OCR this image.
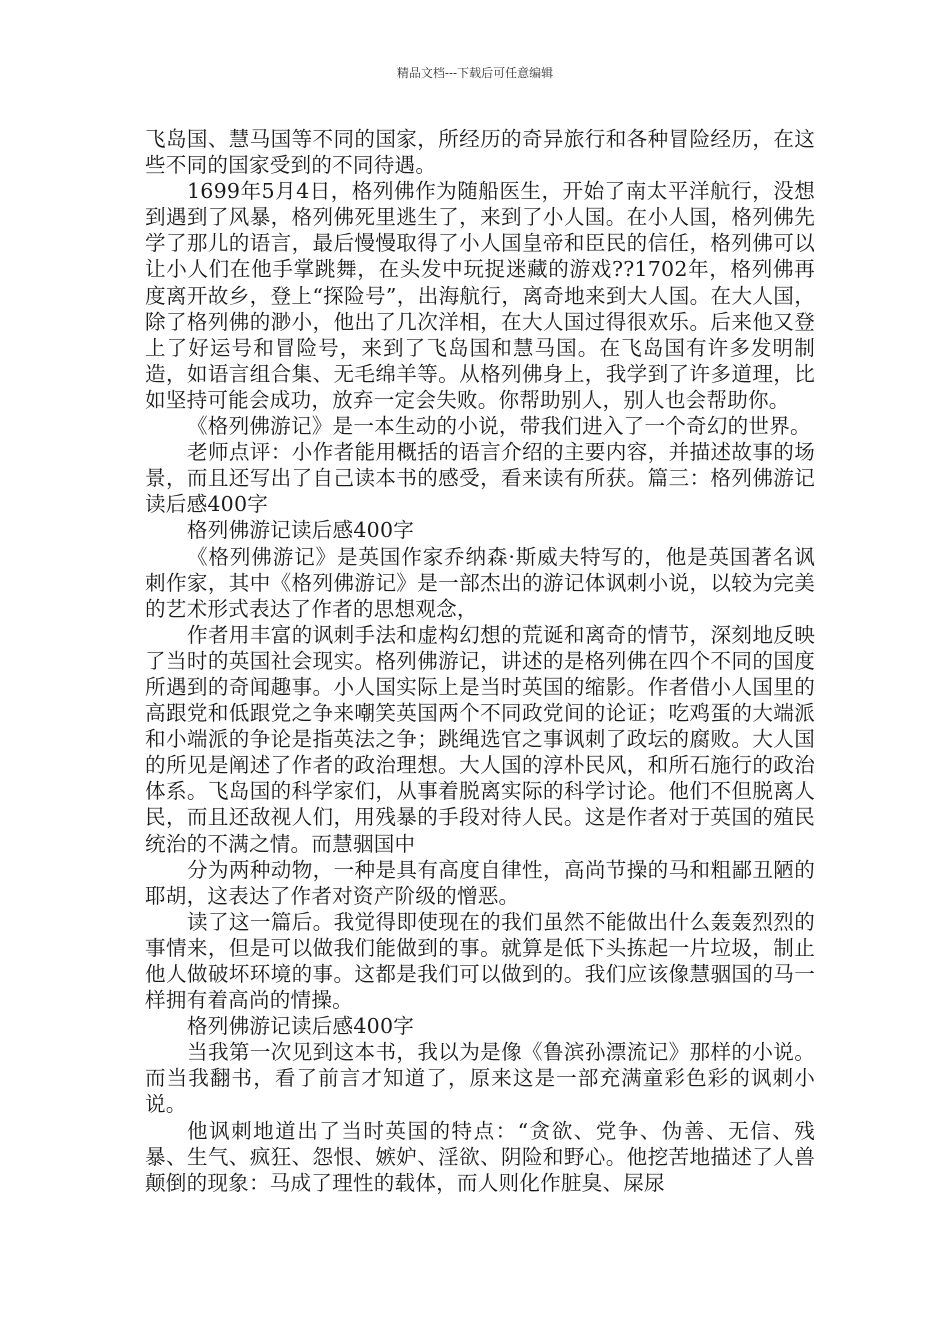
精品文档---下载后可任意编辑

飞岛国、慧马国等不同的国家，所经历的奇异旅行和各种冒险经历，在这些不同的国家受到的不同待遇。

1699年5月4日，格列佛作为随船医生，开始了南太平洋航行，没想到遇到了风暴，格列佛死里逃生了，来到了小人国。在小人国，格列佛先学了那儿的语言，最后慢慢取得了小人国皇帝和臣民的信任，格列佛可以让小人们在他手掌跳舞，在头发中玩捉迷藏的游戏??1702年，格列佛再度离开故乡，登上“探险号”，出海航行，离奇地来到大人国。在大人国，除了格列佛的渺小，他出了几次洋相，在大人国过得很欢乐。后来他又登上了好运号和冒险号，来到了飞岛国和慧马国。在飞岛国有许多发明制造，如语言组合集、无毛绵羊等。从格列佛身上，我学到了许多道理，比如坚持可能会成功，放弃一定会失败。你帮助别人，别人也会帮助你。

《格列佛游记》是一本生动的小说，带我们进入了一个奇幻的世界。

老师点评：小作者能用概括的语言介绍的主要内容，并描述故事的场景，而且还写出了自己读本书的感受，看来读有所获。篇三：格列佛游记读后感400字

格列佛游记读后感400字

《格列佛游记》是英国作家乔纳森·斯威夫特写的，他是英国著名讽刺作家，其中《格列佛游记》是一部杰出的游记体讽刺小说，以较为完美的艺术形式表达了作者的思想观念，

作者用丰富的讽刺手法和虚构幻想的荒诞和离奇的情节，深刻地反映了当时的英国社会现实。格列佛游记，讲述的是格列佛在四个不同的国度所遇到的奇闻趣事。小人国实际上是当时英国的缩影。作者借小人国里的高跟党和低跟党之争来嘲笑英国两个不同政党间的论证；吃鸡蛋的大端派和小端派的争论是指英法之争；跳绳选官之事讽刺了政坛的腐败。大人国的所见是阐述了作者的政治理想。大人国的淳朴民风，和所石施行的政治体系。飞岛国的科学家们，从事着脱离实际的科学讨论。他们不但脱离人民，而且还敌视人们，用残暴的手段对待人民。这是作者对于英国的殖民统治的不满之情。而慧骃国中

分为两种动物，一种是具有高度自律性，高尚节操的马和粗鄙丑陋的耶胡，这表达了作者对资产阶级的憎恶。

读了这一篇后。我觉得即使现在的我们虽然不能做出什么轰轰烈烈的事情来，但是可以做我们能做到的事。就算是低下头拣起一片垃圾，制止他人做破坏环境的事。这都是我们可以做到的。我们应该像慧骃国的马一样拥有着高尚的情操。

格列佛游记读后感400字

当我第一次见到这本书，我以为是像《鲁滨孙漂流记》那样的小说。而当我翻书，看了前言才知道了，原来这是一部充满童彩色彩的讽刺小说。

他讽刺地道出了当时英国的特点：“贪欲、党争、伪善、无信、残暴、生气、疯狂、怨恨、嫉妒、淫欲、阴险和野心。他挖苦地描述了人兽颠倒的现象：马成了理性的载体，而人则化作脏臭、屎尿
